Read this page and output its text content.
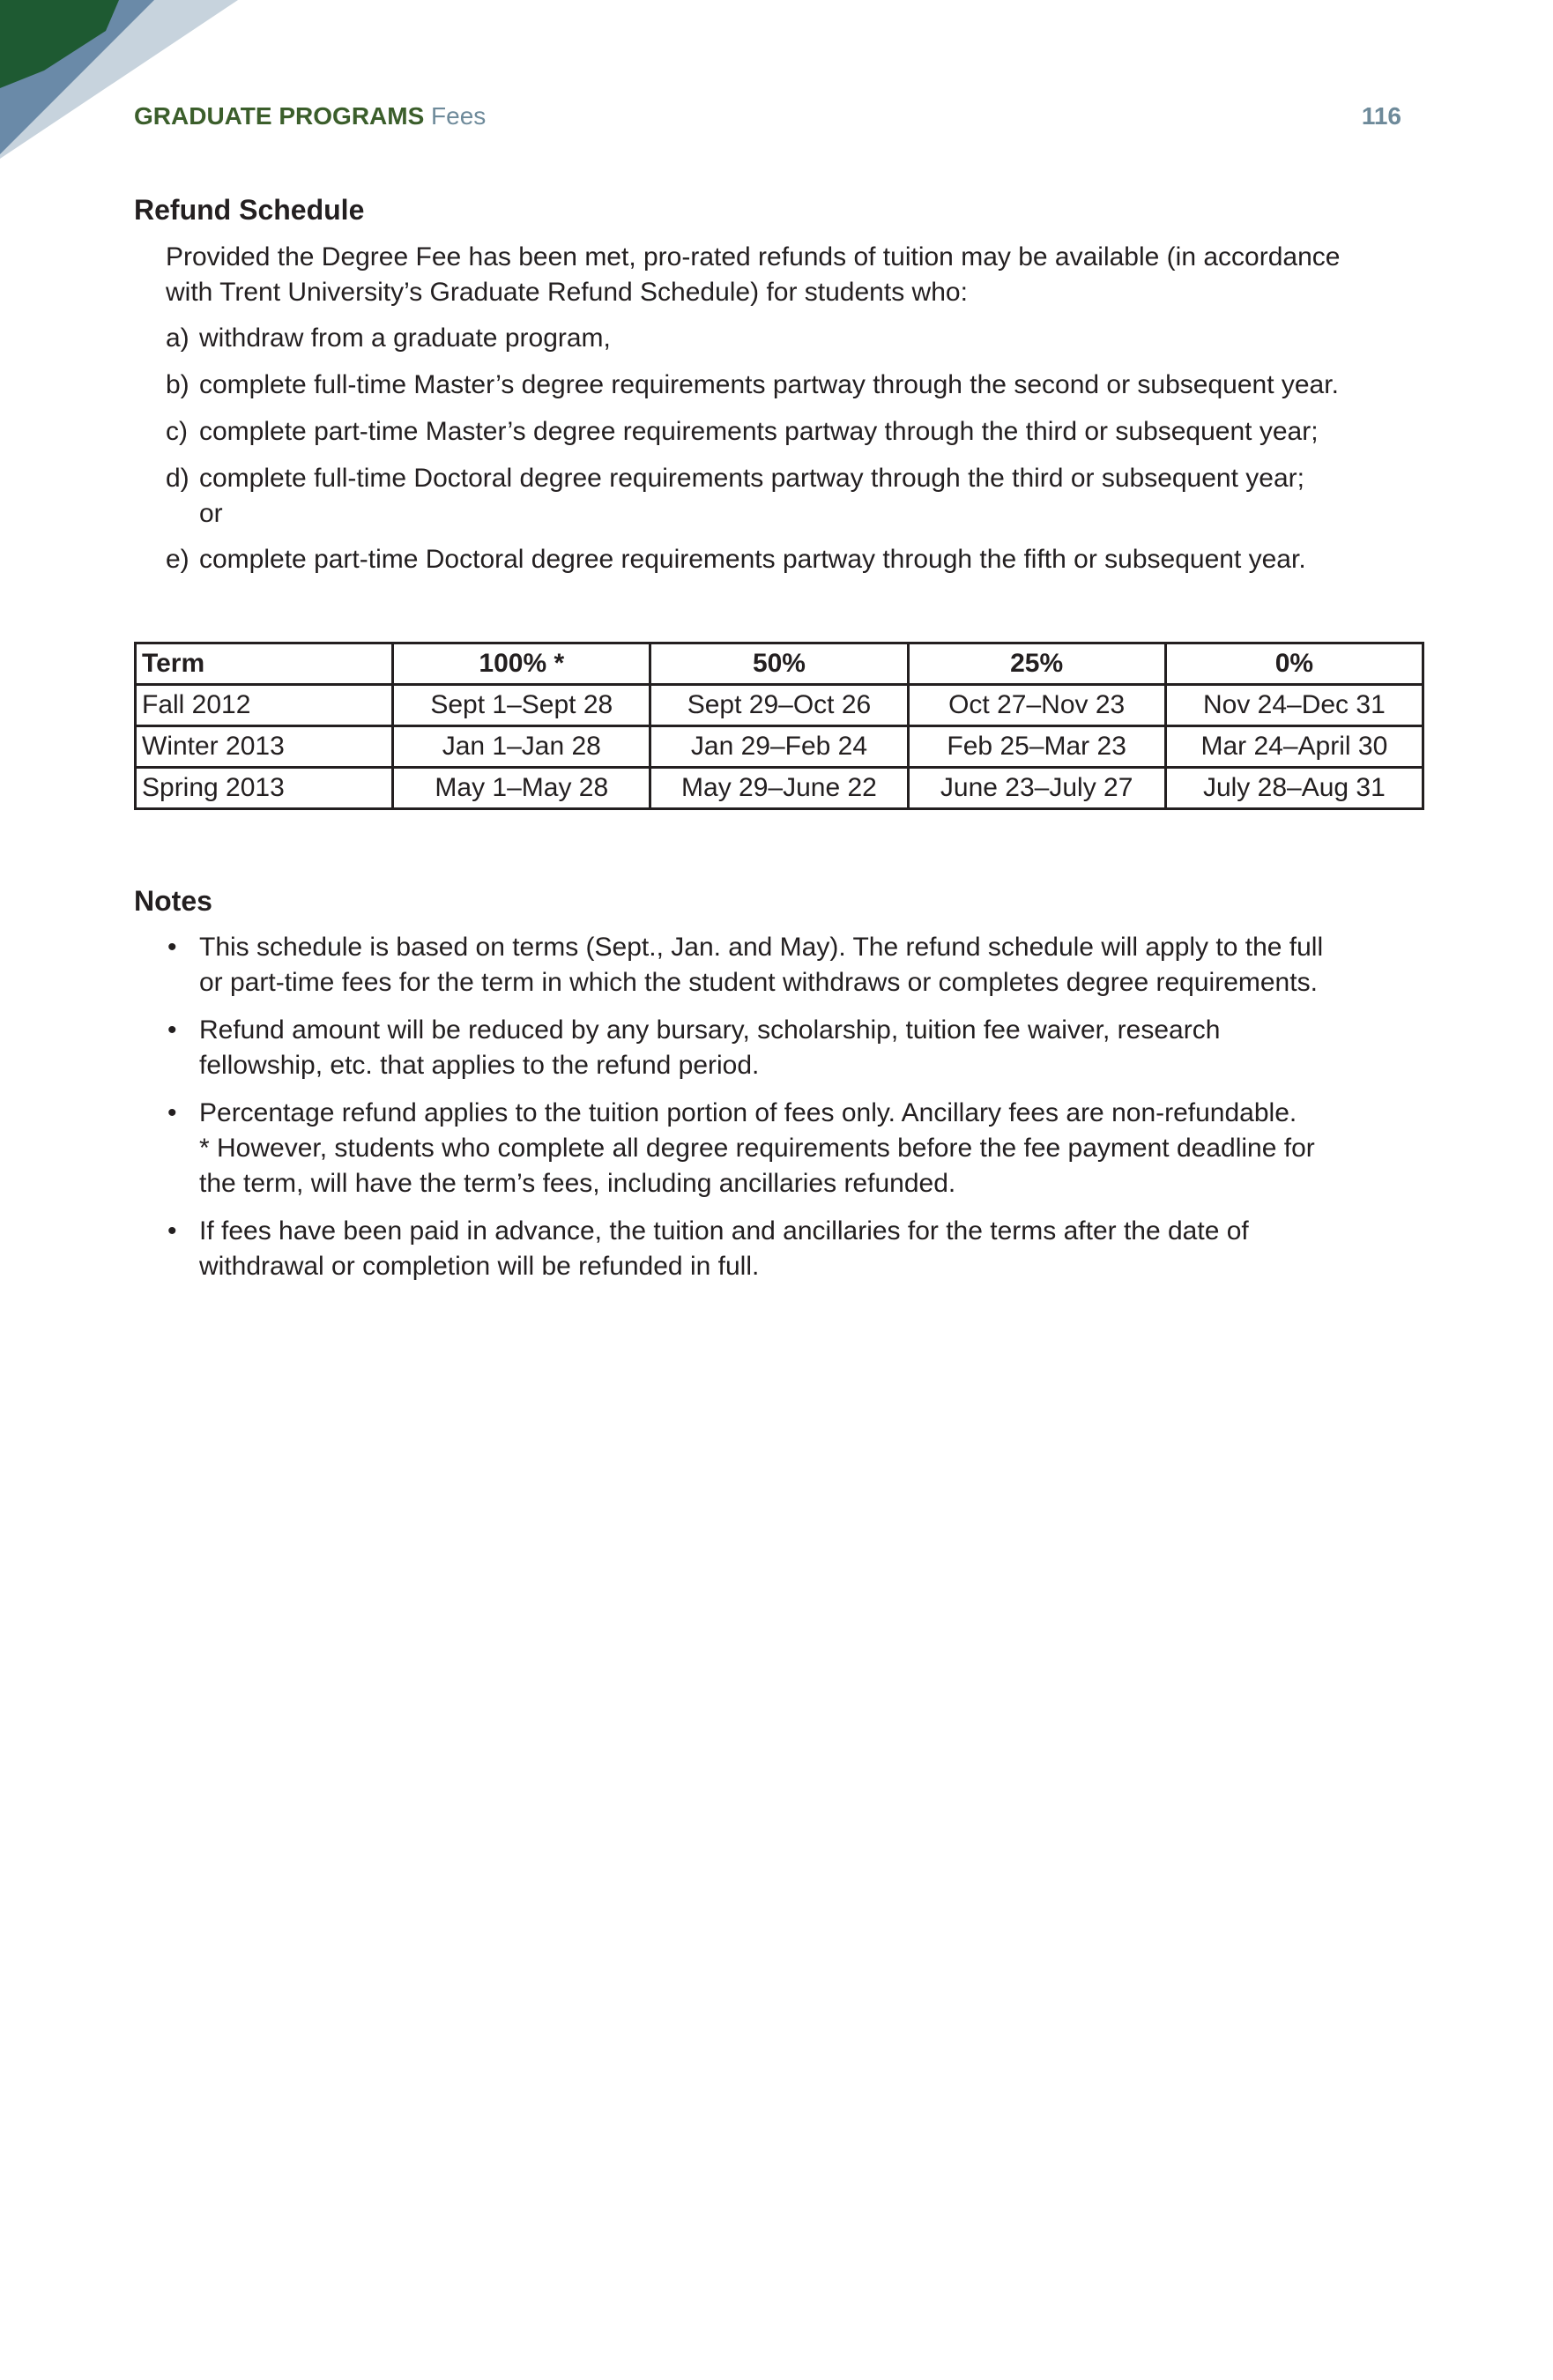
GRADUATE PROGRAMS Fees	116
Refund Schedule

Provided the Degree Fee has been met, pro-rated refunds of tuition may be available (in accordance

with Trent University’s Graduate Refund Schedule) for students who:

a) withdraw from a graduate program,
b) complete full-time Master’s degree requirements partway through the second or subsequent year.
c) complete part-time Master’s degree requirements partway through the third or subsequent year;
d) complete full-time Doctoral degree requirements partway through the third or subsequent year;
or
e) complete part-time Doctoral degree requirements partway through the fifth or subsequent year.
Term	100% *	50%	25%	0%
Fall 2012	Sept 1–Sept 28	Sept 29–Oct 26	Oct 27–Nov 23	Nov 24–Dec 31
Winter 2013	Jan 1–Jan 28	Jan 29–Feb 24	Feb 25–Mar 23	Mar 24–April 30
Spring 2013	May 1–May 28	May 29–June 22	June 23–July 27	July 28–Aug 31
Notes
• This schedule is based on terms (Sept., Jan. and May). The refund schedule will apply to the full
or part-time fees for the term in which the student withdraws or completes degree requirements.
• Refund amount will be reduced by any bursary, scholarship, tuition fee waiver, research
fellowship, etc. that applies to the refund period.
• Percentage refund applies to the tuition portion of fees only. Ancillary fees are non-refundable.
* However, students who complete all degree requirements before the fee payment deadline for
the term, will have the term’s fees, including ancillaries refunded.
• If fees have been paid in advance, the tuition and ancillaries for the terms after the date of
withdrawal or completion will be refunded in full.
